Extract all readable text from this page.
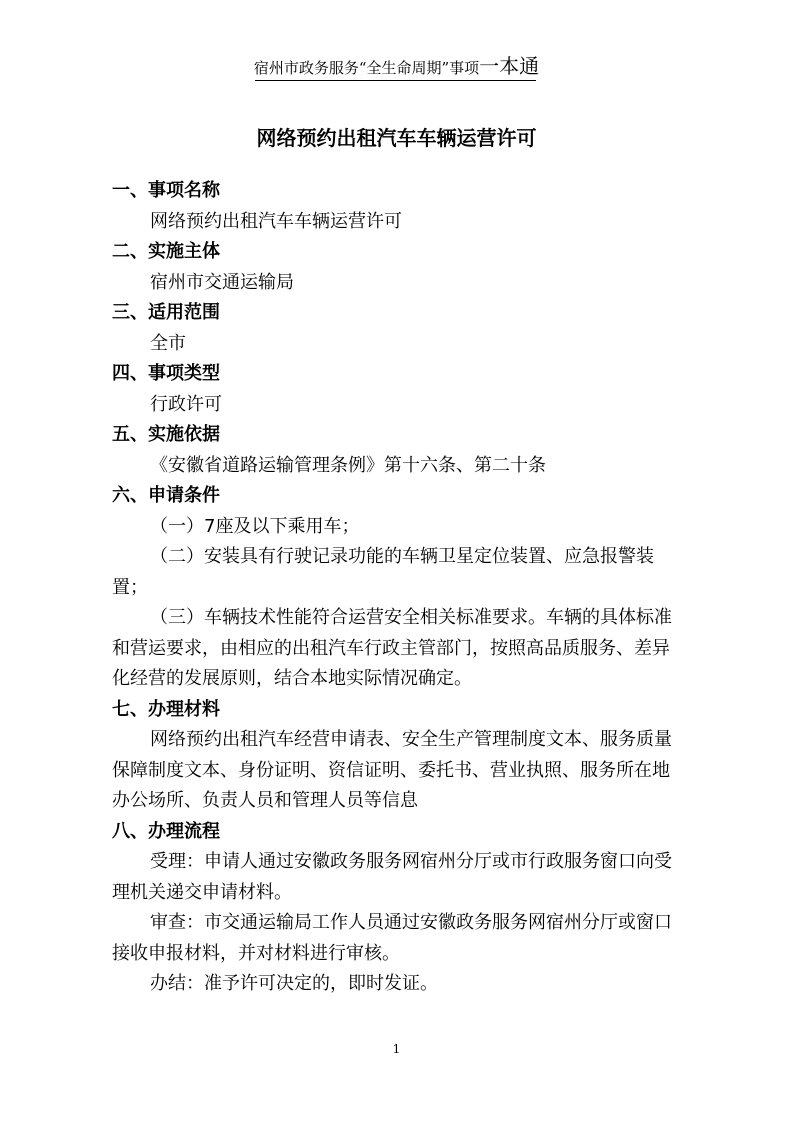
宿州市政务服务“全生命周期”事项一本通
网络预约出租汽车车辆运营许可
一、事项名称
网络预约出租汽车车辆运营许可
二、实施主体
宿州市交通运输局
三、适用范围
全市
四、事项类型
行政许可
五、实施依据
《安徽省道路运输管理条例》第十六条、第二十条
六、申请条件

（一）7座及以下乘用车；

（二）安装具有行驶记录功能的车辆卫星定位装置、应急报警装置；

（三）车辆技术性能符合运营安全相关标准要求。车辆的具体标准和营运要求，由相应的出租汽车行政主管部门，按照高品质服务、差异化经营的发展原则，结合本地实际情况确定。

七、办理材料

网络预约出租汽车经营申请表、安全生产管理制度文本、服务质量保障制度文本、身份证明、资信证明、委托书、营业执照、服务所在地办公场所、负责人员和管理人员等信息

八、办理流程

受理：申请人通过安徽政务服务网宿州分厅或市行政服务窗口向受理机关递交申请材料。

审查：市交通运输局工作人员通过安徽政务服务网宿州分厅或窗口接收申报材料，并对材料进行审核。

办结：准予许可决定的，即时发证。

1
